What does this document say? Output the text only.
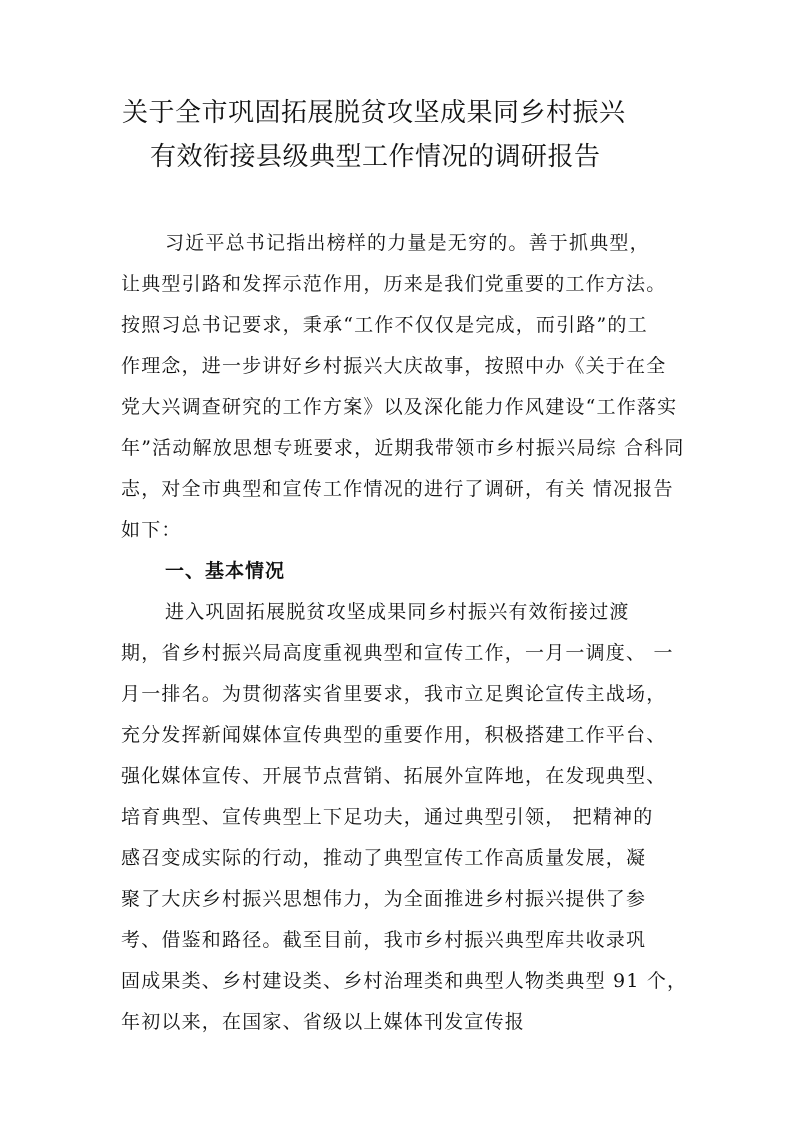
关于全市巩固拓展脱贫攻坚成果同乡村振兴
有效衔接县级典型工作情况的调研报告
习近平总书记指出榜样的力量是无穷的。善于抓典型，
让典型引路和发挥示范作用，历来是我们党重要的工作方法。
按照习总书记要求，秉承“工作不仅仅是完成，而引路”的工
作理念，进一步讲好乡村振兴大庆故事，按照中办《关于在全
党大兴调查研究的工作方案》以及深化能力作风建设“工作落实
年”活动解放思想专班要求，近期我带领市乡村振兴局综 合科同
志，对全市典型和宣传工作情况的进行了调研，有关 情况报告
如下：
一、基本情况
进入巩固拓展脱贫攻坚成果同乡村振兴有效衔接过渡
期，省乡村振兴局高度重视典型和宣传工作，一月一调度、 一
月一排名。为贯彻落实省里要求，我市立足舆论宣传主战场，
充分发挥新闻媒体宣传典型的重要作用，积极搭建工作平台、
强化媒体宣传、开展节点营销、拓展外宣阵地，在发现典型、
培育典型、宣传典型上下足功夫，通过典型引领， 把精神的
感召变成实际的行动，推动了典型宣传工作高质量发展，凝
聚了大庆乡村振兴思想伟力，为全面推进乡村振兴提供了参
考、借鉴和路径。截至目前，我市乡村振兴典型库共收录巩
固成果类、乡村建设类、乡村治理类和典型人物类典型 91 个，
年初以来，在国家、省级以上媒体刊发宣传报
